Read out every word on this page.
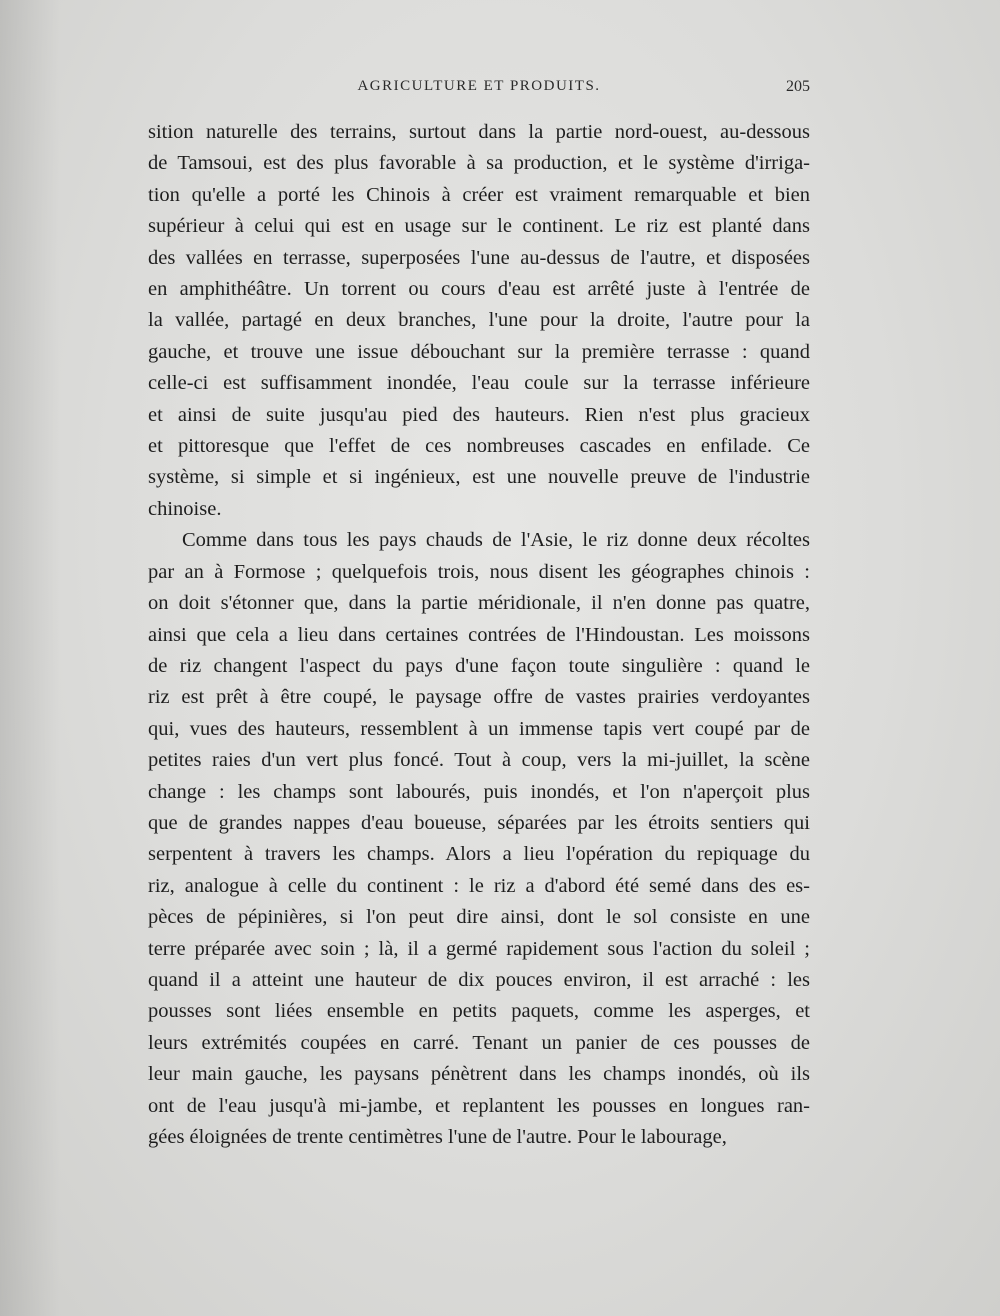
AGRICULTURE ET PRODUITS.	205
sition naturelle des terrains, surtout dans la partie nord-ouest, au-dessous
de Tamsoui, est des plus favorable à sa production, et le système d'irriga-
tion qu'elle a porté les Chinois à créer est vraiment remarquable et bien
supérieur à celui qui est en usage sur le continent. Le riz est planté dans
des vallées en terrasse, superposées l'une au-dessus de l'autre, et disposées
en amphithéâtre. Un torrent ou cours d'eau est arrêté juste à l'entrée de
la vallée, partagé en deux branches, l'une pour la droite, l'autre pour la
gauche, et trouve une issue débouchant sur la première terrasse : quand
celle-ci est suffisamment inondée, l'eau coule sur la terrasse inférieure
et ainsi de suite jusqu'au pied des hauteurs. Rien n'est plus gracieux
et pittoresque que l'effet de ces nombreuses cascades en enfilade. Ce
système, si simple et si ingénieux, est une nouvelle preuve de l'industrie
chinoise.
Comme dans tous les pays chauds de l'Asie, le riz donne deux récoltes
par an à Formose ; quelquefois trois, nous disent les géographes chinois :
on doit s'étonner que, dans la partie méridionale, il n'en donne pas quatre,
ainsi que cela a lieu dans certaines contrées de l'Hindoustan. Les moissons
de riz changent l'aspect du pays d'une façon toute singulière : quand le
riz est prêt à être coupé, le paysage offre de vastes prairies verdoyantes
qui, vues des hauteurs, ressemblent à un immense tapis vert coupé par de
petites raies d'un vert plus foncé. Tout à coup, vers la mi-juillet, la scène
change : les champs sont labourés, puis inondés, et l'on n'aperçoit plus
que de grandes nappes d'eau boueuse, séparées par les étroits sentiers qui
serpentent à travers les champs. Alors a lieu l'opération du repiquage du
riz, analogue à celle du continent : le riz a d'abord été semé dans des es-
pèces de pépinières, si l'on peut dire ainsi, dont le sol consiste en une
terre préparée avec soin ; là, il a germé rapidement sous l'action du soleil ;
quand il a atteint une hauteur de dix pouces environ, il est arraché : les
pousses sont liées ensemble en petits paquets, comme les asperges, et
leurs extrémités coupées en carré. Tenant un panier de ces pousses de
leur main gauche, les paysans pénètrent dans les champs inondés, où ils
ont de l'eau jusqu'à mi-jambe, et replantent les pousses en longues ran-
gées éloignées de trente centimètres l'une de l'autre. Pour le labourage,
